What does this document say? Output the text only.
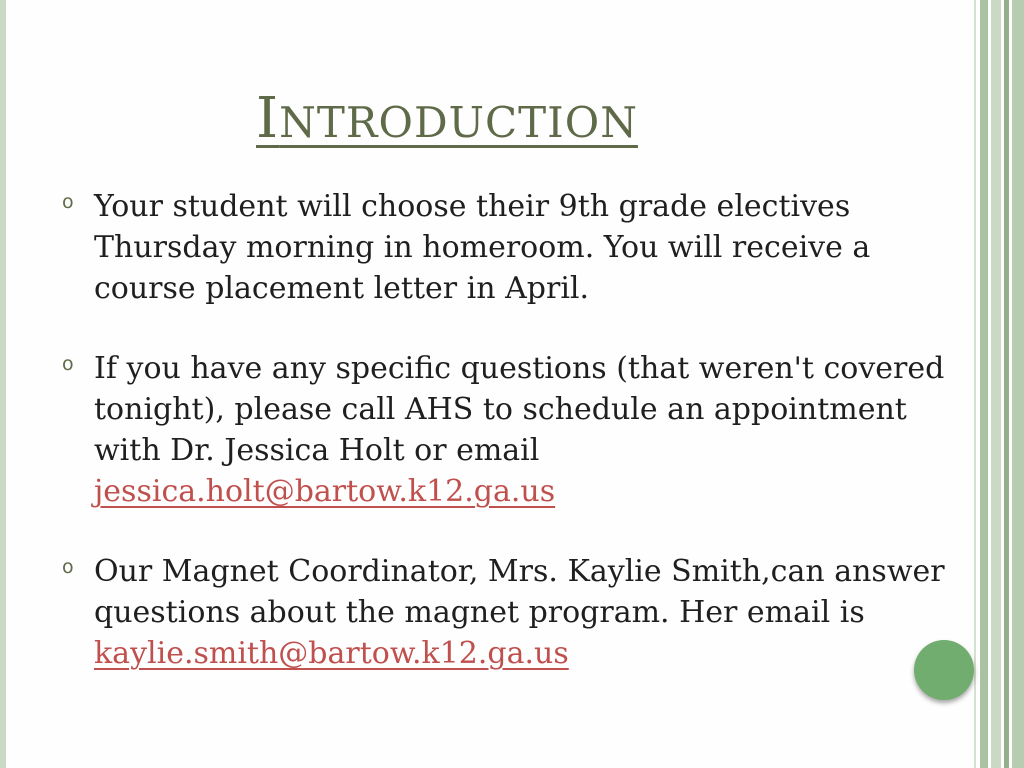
INTRODUCTION
o Your student will choose their 9th grade electives Thursday morning in homeroom. You will receive a course placement letter in April.
o If you have any specific questions (that weren't covered tonight), please call AHS to schedule an appointment with Dr. Jessica Holt or email jessica.holt@bartow.k12.ga.us
o Our Magnet Coordinator, Mrs. Kaylie Smith,can answer questions about the magnet program. Her email is kaylie.smith@bartow.k12.ga.us
